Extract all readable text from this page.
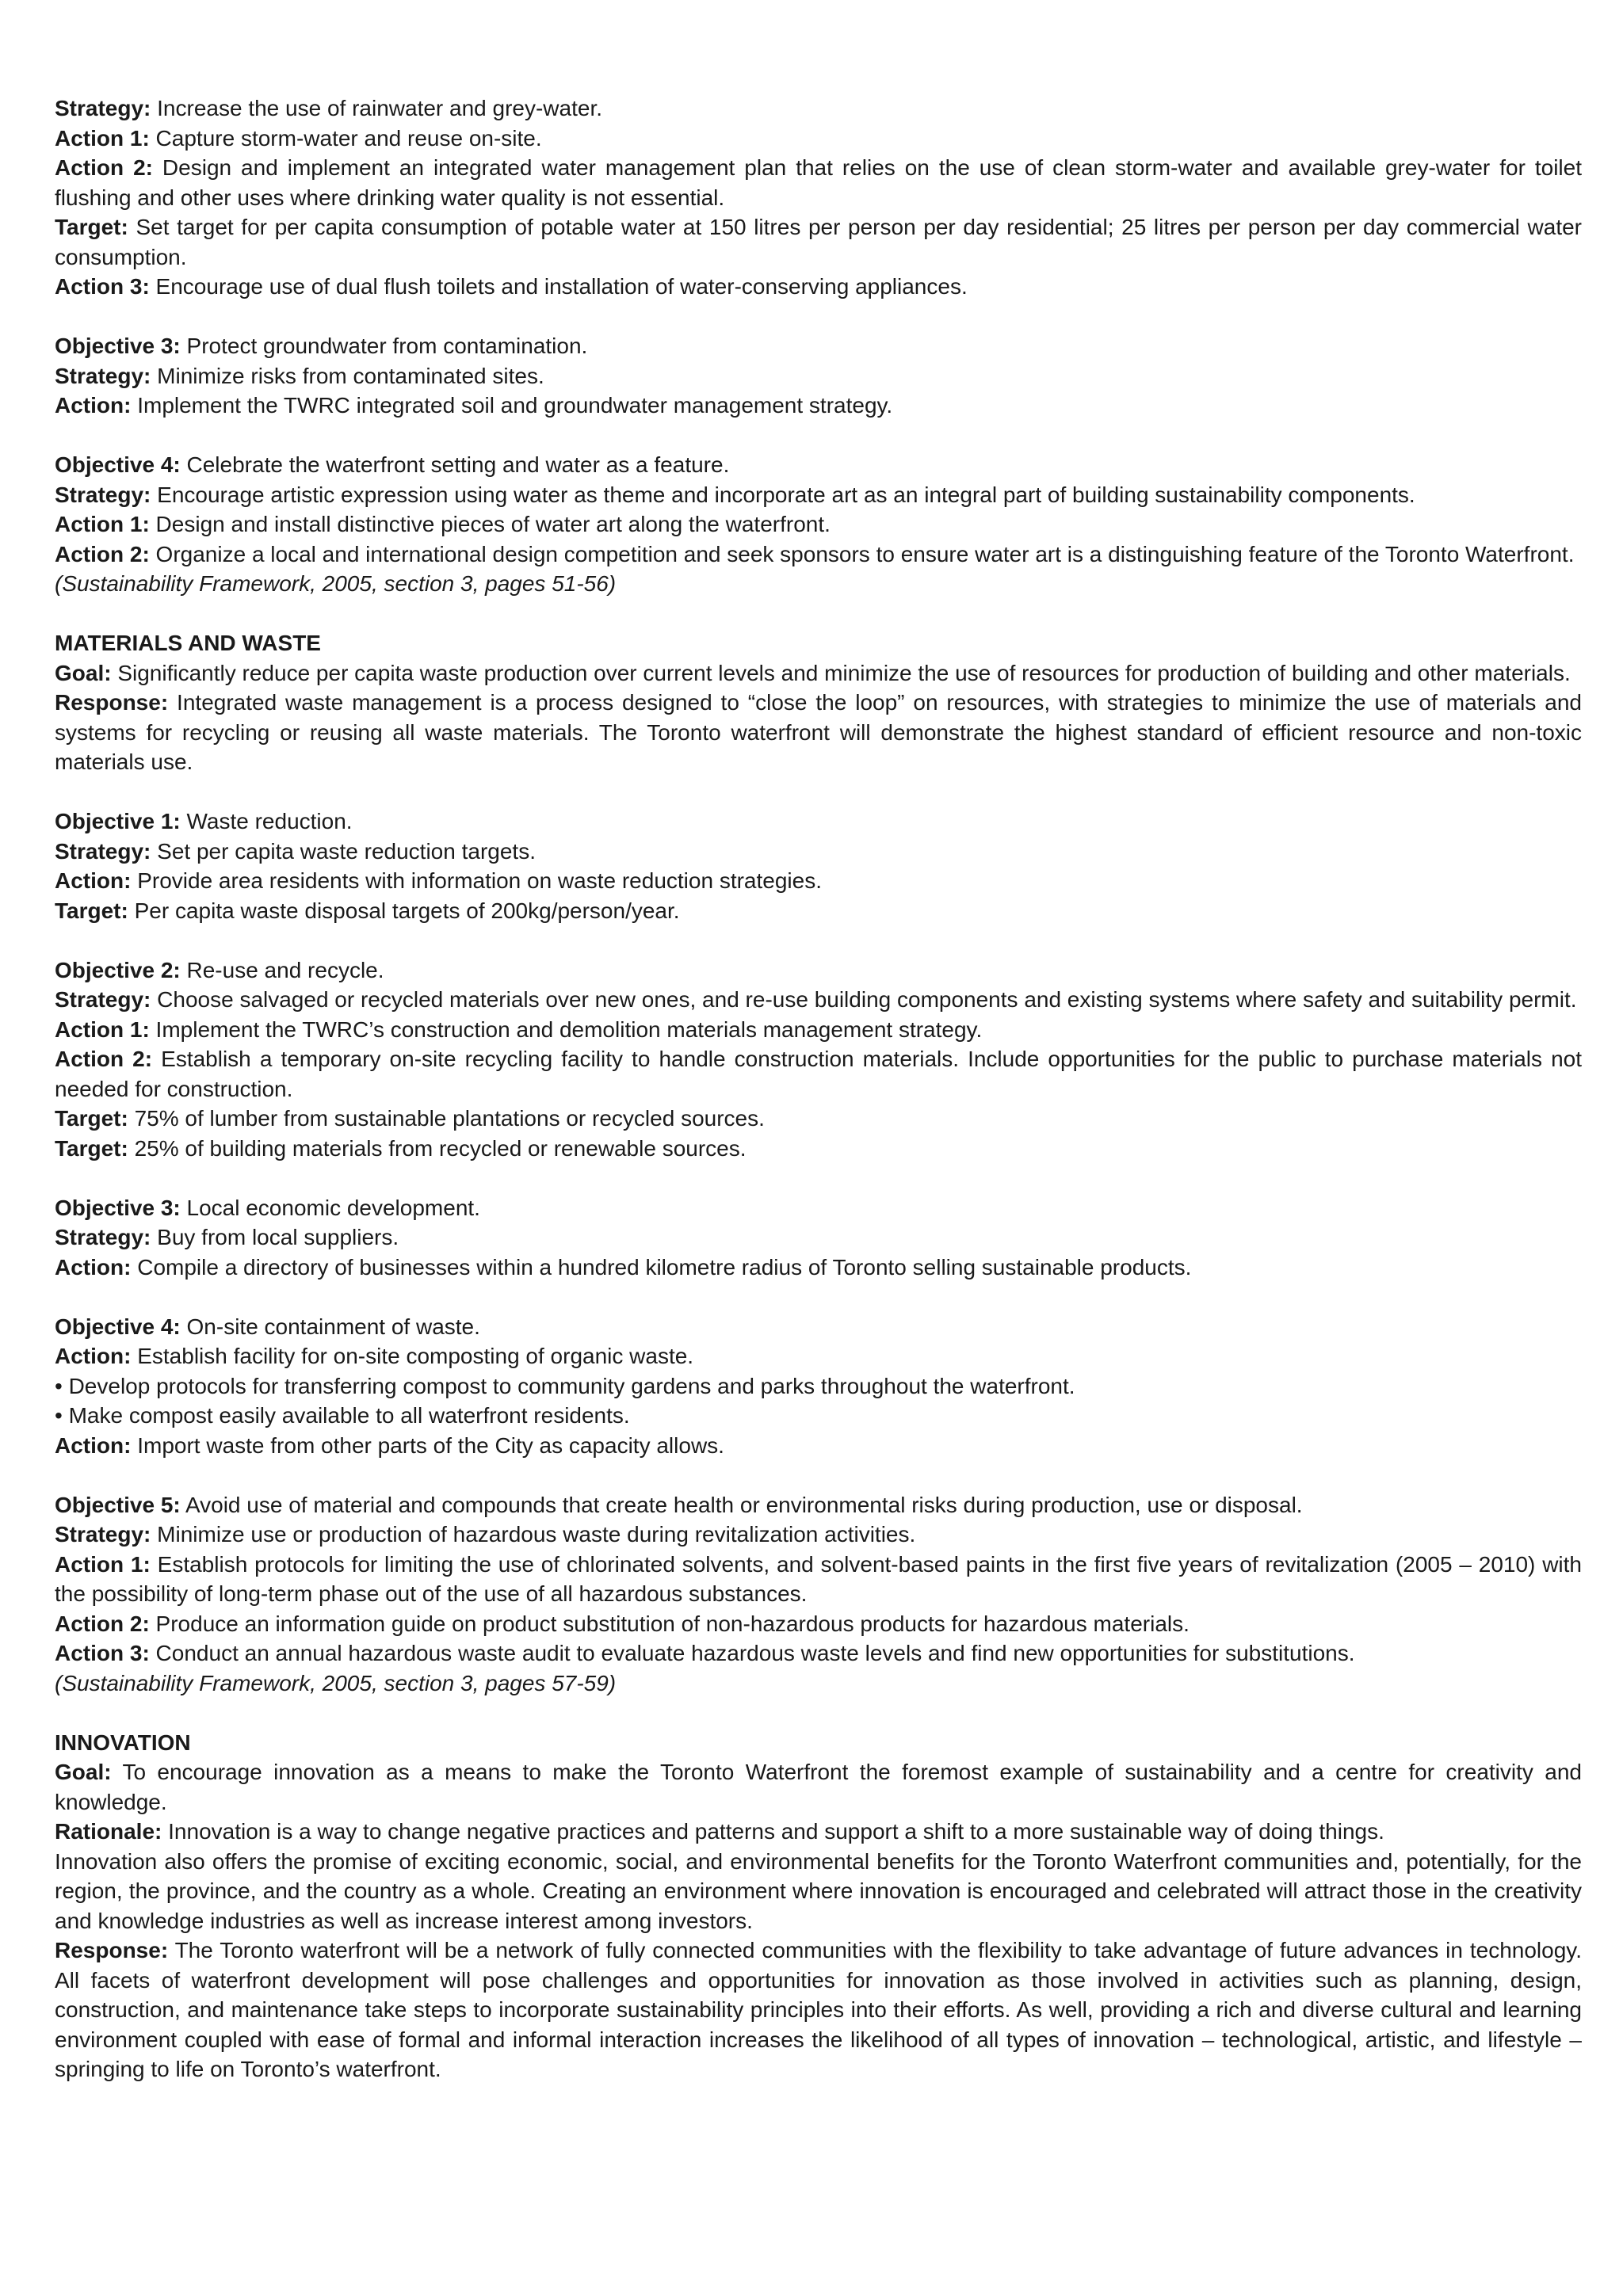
Strategy: Increase the use of rainwater and grey-water.

Action 1: Capture storm-water and reuse on-site.

Action 2: Design and implement an integrated water management plan that relies on the use of clean storm-water and available grey-water for toilet flushing and other uses where drinking water quality is not essential.

Target: Set target for per capita consumption of potable water at 150 litres per person per day residential; 25 litres per person per day commercial water consumption.

Action 3: Encourage use of dual flush toilets and installation of water-conserving appliances.

Objective 3: Protect groundwater from contamination.

Strategy: Minimize risks from contaminated sites.

Action: Implement the TWRC integrated soil and groundwater management strategy.

Objective 4: Celebrate the waterfront setting and water as a feature.

Strategy: Encourage artistic expression using water as theme and incorporate art as an integral part of building sustainability components.

Action 1: Design and install distinctive pieces of water art along the waterfront.

Action 2: Organize a local and international design competition and seek sponsors to ensure water art is a distinguishing feature of the Toronto Waterfront.

(Sustainability Framework, 2005, section 3, pages 51-56)

MATERIALS AND WASTE

Goal: Significantly reduce per capita waste production over current levels and minimize the use of resources for production of building and other materials.

Response: Integrated waste management is a process designed to “close the loop” on resources, with strategies to minimize the use of materials and systems for recycling or reusing all waste materials. The Toronto waterfront will demonstrate the highest standard of efficient resource and non-toxic materials use.

Objective 1: Waste reduction.

Strategy: Set per capita waste reduction targets.

Action: Provide area residents with information on waste reduction strategies.

Target: Per capita waste disposal targets of 200kg/person/year.

Objective 2: Re-use and recycle.

Strategy: Choose salvaged or recycled materials over new ones, and re-use building components and existing systems where safety and suitability permit.

Action 1: Implement the TWRC’s construction and demolition materials management strategy.

Action 2: Establish a temporary on-site recycling facility to handle construction materials. Include opportunities for the public to purchase materials not needed for construction.

Target: 75% of lumber from sustainable plantations or recycled sources.

Target: 25% of building materials from recycled or renewable sources.

Objective 3: Local economic development.

Strategy: Buy from local suppliers.

Action: Compile a directory of businesses within a hundred kilometre radius of Toronto selling sustainable products.

Objective 4: On-site containment of waste.

Action: Establish facility for on-site composting of organic waste.

• Develop protocols for transferring compost to community gardens and parks throughout the waterfront.

• Make compost easily available to all waterfront residents.

Action: Import waste from other parts of the City as capacity allows.

Objective 5: Avoid use of material and compounds that create health or environmental risks during production, use or disposal.

Strategy: Minimize use or production of hazardous waste during revitalization activities.

Action 1: Establish protocols for limiting the use of chlorinated solvents, and solvent-based paints in the first five years of revitalization (2005 – 2010) with the possibility of long-term phase out of the use of all hazardous substances.

Action 2: Produce an information guide on product substitution of non-hazardous products for hazardous materials.

Action 3: Conduct an annual hazardous waste audit to evaluate hazardous waste levels and find new opportunities for substitutions.

(Sustainability Framework, 2005, section 3, pages 57-59)

INNOVATION

Goal: To encourage innovation as a means to make the Toronto Waterfront the foremost example of sustainability and a centre for creativity and knowledge.

Rationale: Innovation is a way to change negative practices and patterns and support a shift to a more sustainable way of doing things.

Innovation also offers the promise of exciting economic, social, and environmental benefits for the Toronto Waterfront communities and, potentially, for the region, the province, and the country as a whole. Creating an environment where innovation is encouraged and celebrated will attract those in the creativity and knowledge industries as well as increase interest among investors.

Response: The Toronto waterfront will be a network of fully connected communities with the flexibility to take advantage of future advances in technology. All facets of waterfront development will pose challenges and opportunities for innovation as those involved in activities such as planning, design, construction, and maintenance take steps to incorporate sustainability principles into their efforts. As well, providing a rich and diverse cultural and learning environment coupled with ease of formal and informal interaction increases the likelihood of all types of innovation – technological, artistic, and lifestyle – springing to life on Toronto’s waterfront.
